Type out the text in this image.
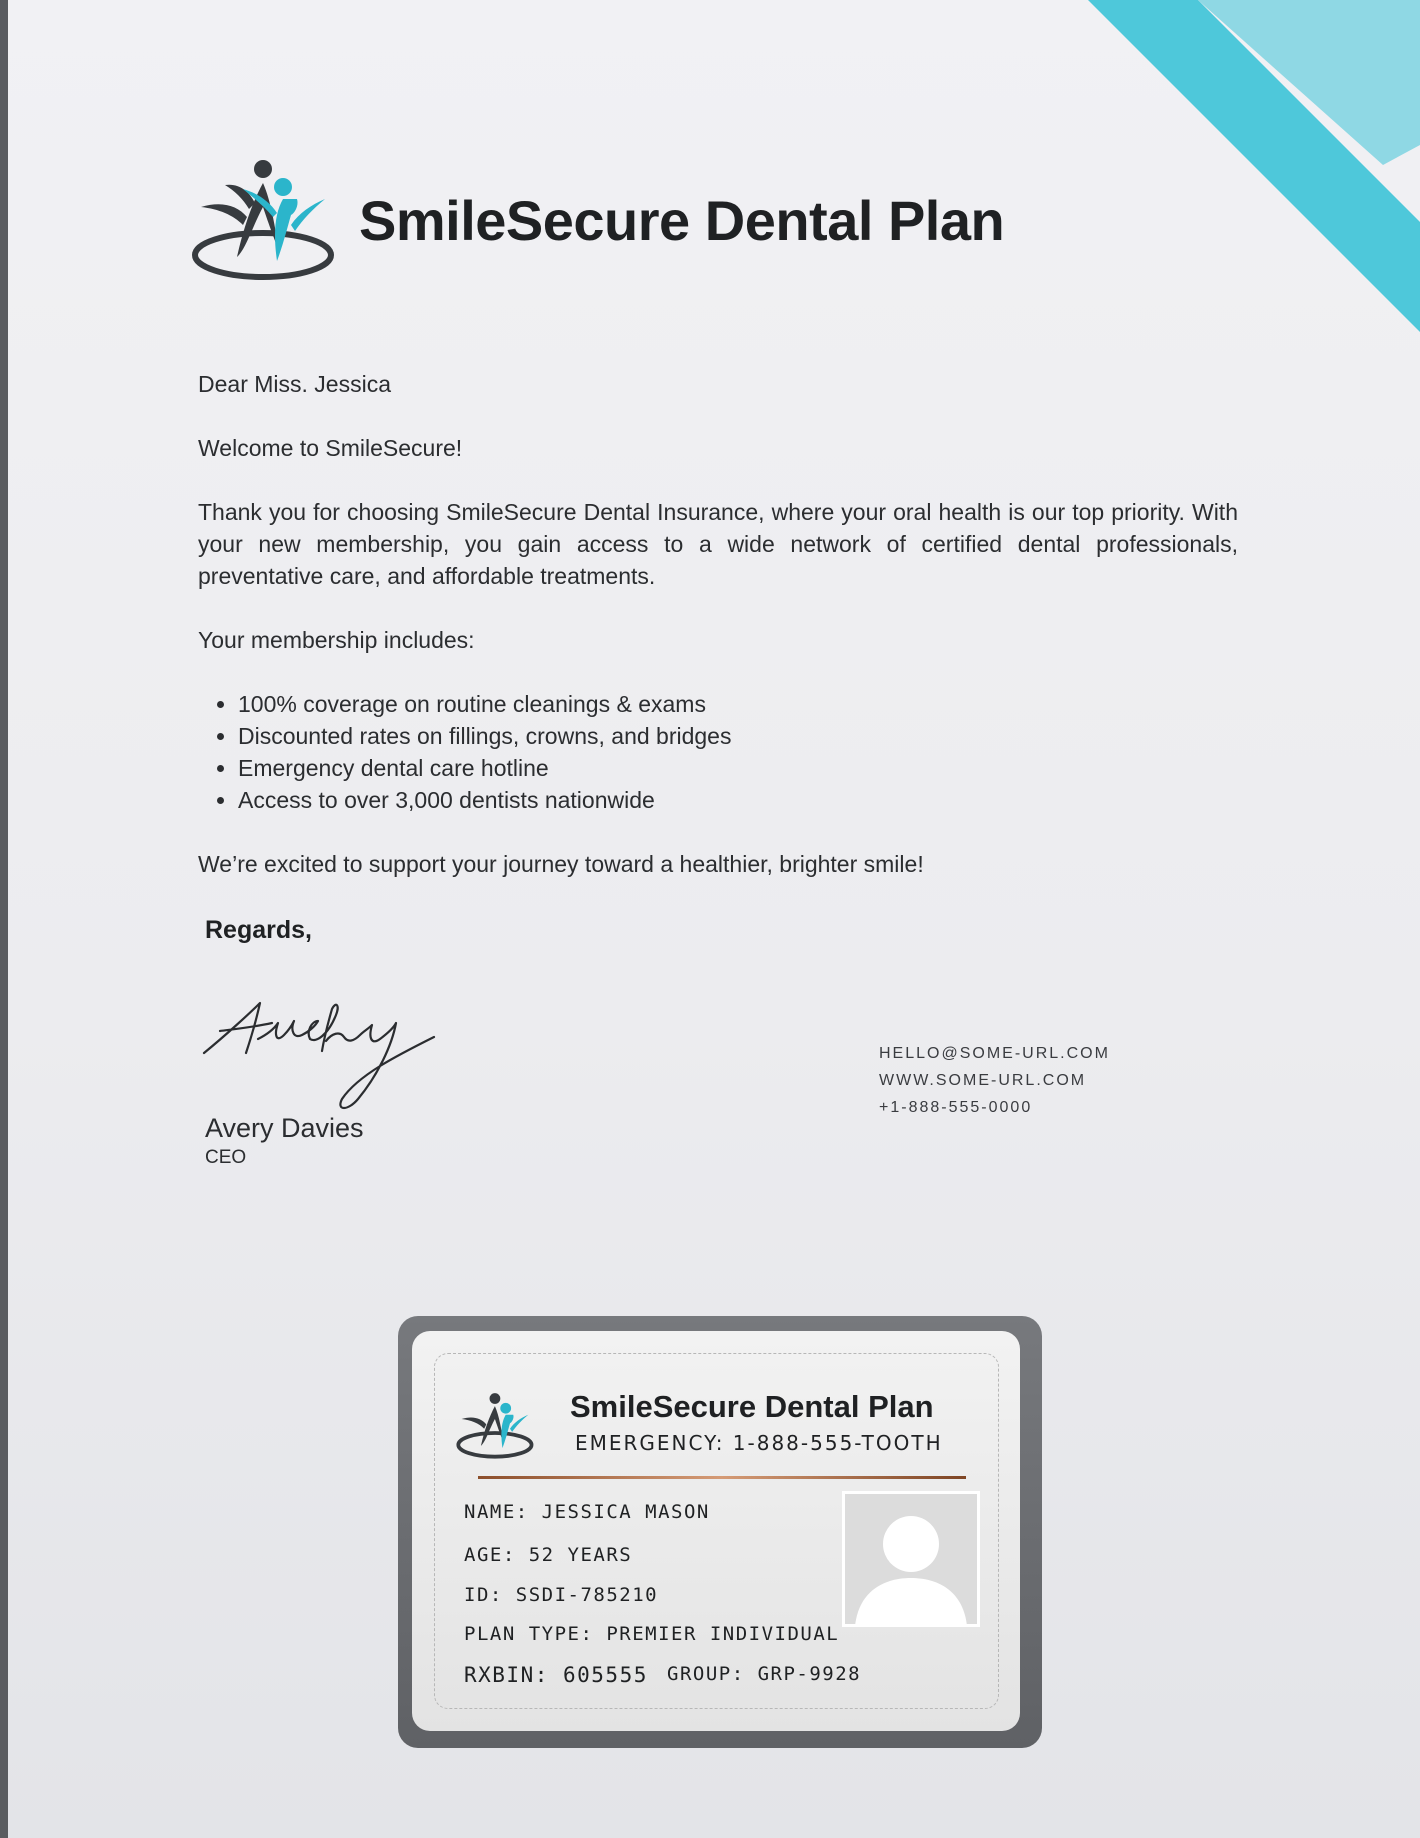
SmileSecure Dental Plan

Dear Miss. Jessica

Welcome to SmileSecure!

Thank you for choosing SmileSecure Dental Insurance, where your oral health is our top priority. With your new membership, you gain access to a wide network of certified dental professionals, preventative care, and affordable treatments.

Your membership includes:

• 100% coverage on routine cleanings & exams
• Discounted rates on fillings, crowns, and bridges
• Emergency dental care hotline
• Access to over 3,000 dentists nationwide

We’re excited to support your journey toward a healthier, brighter smile!

Regards,
Avery Davies
CEO
HELLO@SOME-URL.COM
WWW.SOME-URL.COM
+1-888-555-0000
SmileSecure Dental Plan
EMERGENCY: 1-888-555-TOOTH
NAME: JESSICA MASON
AGE: 52 YEARS
ID: SSDI-785210
PLAN TYPE: PREMIER INDIVIDUAL
RXBIN: 605555 GROUP: GRP-9928
